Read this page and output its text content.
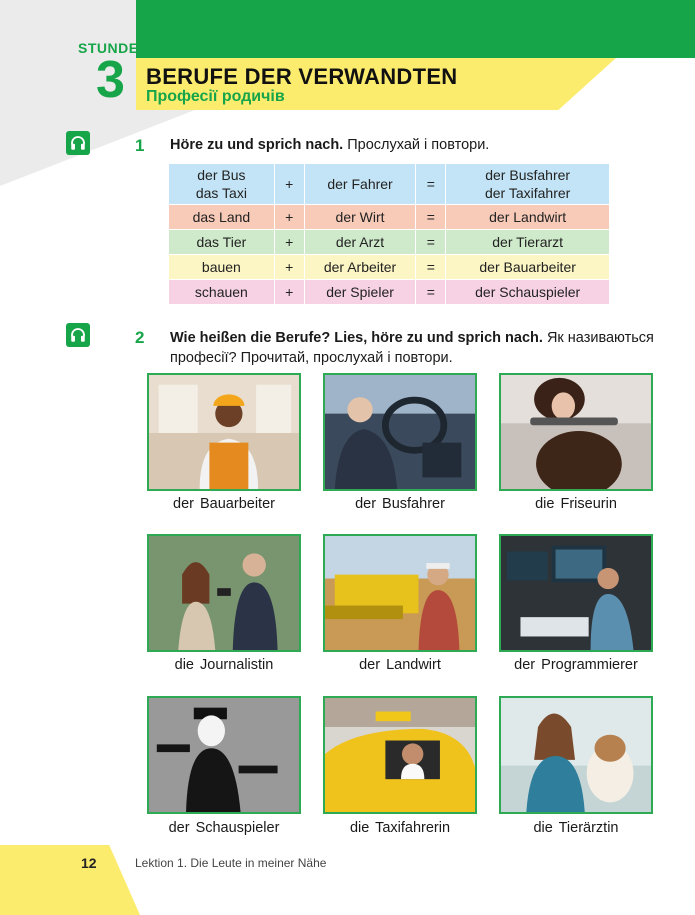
STUNDE
3 BERUFE DER VERWANDTEN
Професії родичів
1 Höre zu und sprich nach. Прослухай і повтори.
der Bus
das Taxi	+	der Fahrer	=	der Busfahrer
der Taxifahrer

das Land	+	der Wirt	=	der Landwirt

das Tier	+	der Arzt	=	der Tierarzt

bauen	+	der Arbeiter	=	der Bauarbeiter

schauen	+	der Spieler	=	der Schauspieler
2 Wie heißen die Berufe? Lies, höre zu und sprich nach. Як називаються професії? Прочитай, прослухай і повтори.
der Bauarbeiter	der Busfahrer	die Friseurin
die Journalistin	der Landwirt	der Programmierer
der Schauspieler	die Taxifahrerin	die Tierärztin
12	Lektion 1. Die Leute in meiner Nähe
